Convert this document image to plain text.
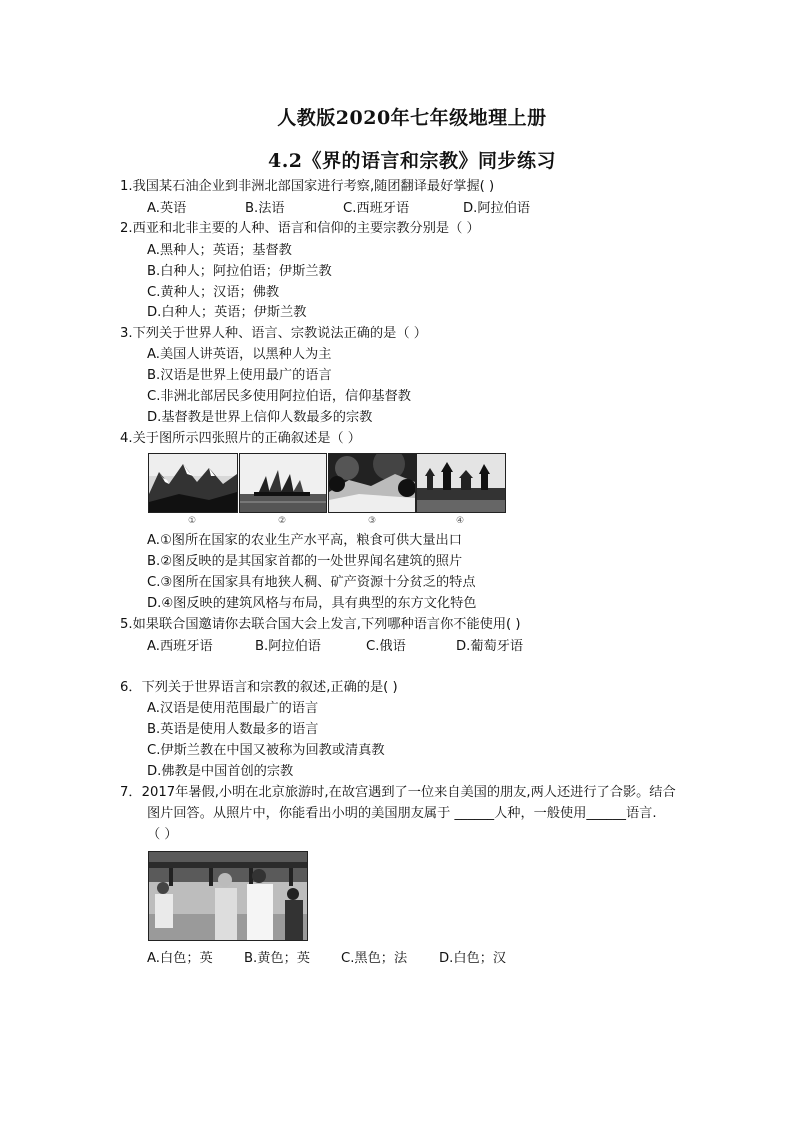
人教版2020年七年级地理上册
4.2《界的语言和宗教》同步练习
1.我国某石油企业到非洲北部国家进行考察,随团翻译最好掌握( )
A.英语	B.法语	C.西班牙语	D.阿拉伯语
2.西亚和北非主要的人种、语言和信仰的主要宗教分别是（ ）
A.黑种人；英语；基督教
B.白种人；阿拉伯语；伊斯兰教
C.黄种人；汉语；佛教
D.白种人；英语；伊斯兰教
3.下列关于世界人种、语言、宗教说法正确的是（ ）
A.美国人讲英语，以黑种人为主
B.汉语是世界上使用最广的语言
C.非洲北部居民多使用阿拉伯语，信仰基督教
D.基督教是世界上信仰人数最多的宗教
4.关于图所示四张照片的正确叙述是（ ）
①	②	③	④
A.①图所在国家的农业生产水平高，粮食可供大量出口
B.②图反映的是其国家首都的一处世界闻名建筑的照片
C.③图所在国家具有地狭人稠、矿产资源十分贫乏的特点
D.④图反映的建筑风格与布局，具有典型的东方文化特色
5.如果联合国邀请你去联合国大会上发言,下列哪种语言你不能使用( )
A.西班牙语	B.阿拉伯语	C.俄语	D.葡萄牙语
6．下列关于世界语言和宗教的叙述,正确的是( )
A.汉语是使用范围最广的语言
B.英语是使用人数最多的语言
C.伊斯兰教在中国又被称为回教或清真教
D.佛教是中国首创的宗教
7．2017年暑假,小明在北京旅游时,在故宫遇到了一位来自美国的朋友,两人还进行了合影。结合
图片回答。从照片中，你能看出小明的美国朋友属于 ______人种，一般使用______语言.
（ ）
A.白色；英 B.黄色；英 C.黑色；法 D.白色；汉
